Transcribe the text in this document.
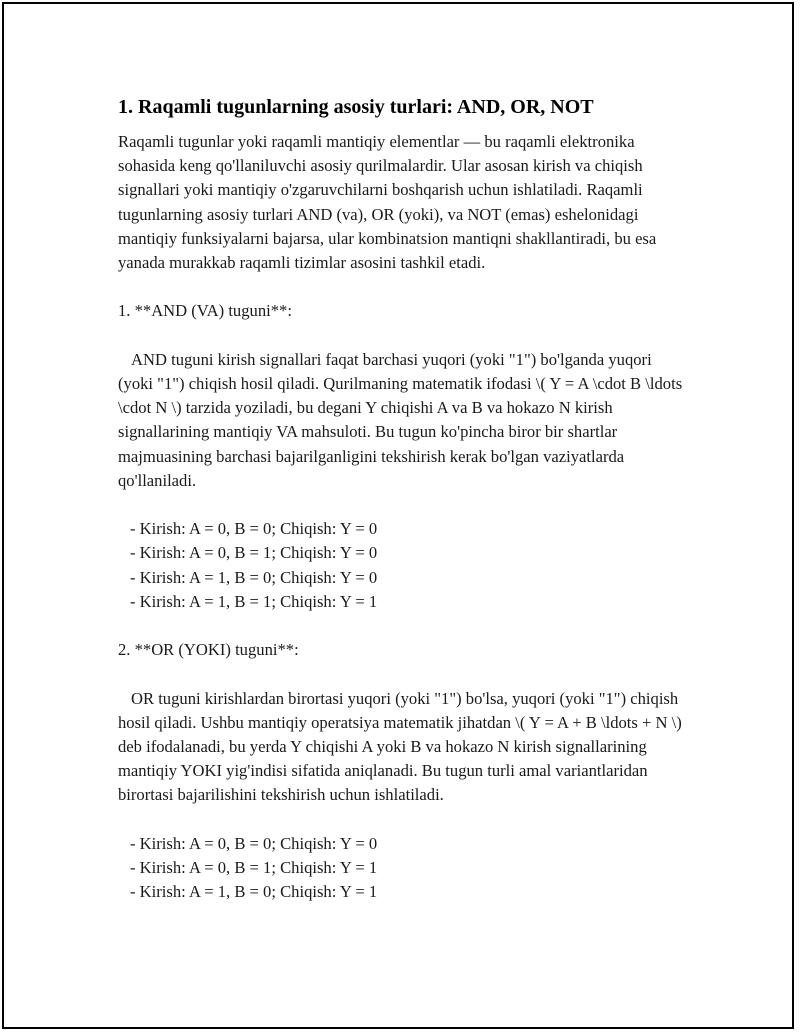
1. Raqamli tugunlarning asosiy turlari: AND, OR, NOT

Raqamli tugunlar yoki raqamli mantiqiy elementlar — bu raqamli elektronika sohasida keng qo'llaniluvchi asosiy qurilmalardir. Ular asosan kirish va chiqish signallari yoki mantiqiy o'zgaruvchilarni boshqarish uchun ishlatiladi. Raqamli tugunlarning asosiy turlari AND (va), OR (yoki), va NOT (emas) eshelonidagi mantiqiy funksiyalarni bajarsa, ular kombinatsion mantiqni shakllantiradi, bu esa yanada murakkab raqamli tizimlar asosini tashkil etadi.

1. **AND (VA) tuguni**:

AND tuguni kirish signallari faqat barchasi yuqori (yoki "1") bo'lganda yuqori (yoki "1") chiqish hosil qiladi. Qurilmaning matematik ifodasi \( Y = A \cdot B \ldots \cdot N \) tarzida yoziladi, bu degani Y chiqishi A va B va hokazo N kirish signallarining mantiqiy VA mahsuloti. Bu tugun ko'pincha biror bir shartlar majmuasining barchasi bajarilganligini tekshirish kerak bo'lgan vaziyatlarda qo'llaniladi.

- Kirish: A = 0, B = 0; Chiqish: Y = 0

- Kirish: A = 0, B = 1; Chiqish: Y = 0

- Kirish: A = 1, B = 0; Chiqish: Y = 0

- Kirish: A = 1, B = 1; Chiqish: Y = 1

2. **OR (YOKI) tuguni**:

OR tuguni kirishlardan birortasi yuqori (yoki "1") bo'lsa, yuqori (yoki "1") chiqish hosil qiladi. Ushbu mantiqiy operatsiya matematik jihatdan \( Y = A + B \ldots + N \) deb ifodalanadi, bu yerda Y chiqishi A yoki B va hokazo N kirish signallarining mantiqiy YOKI yig'indisi sifatida aniqlanadi. Bu tugun turli amal variantlaridan birortasi bajarilishini tekshirish uchun ishlatiladi.

- Kirish: A = 0, B = 0; Chiqish: Y = 0

- Kirish: A = 0, B = 1; Chiqish: Y = 1

- Kirish: A = 1, B = 0; Chiqish: Y = 1
